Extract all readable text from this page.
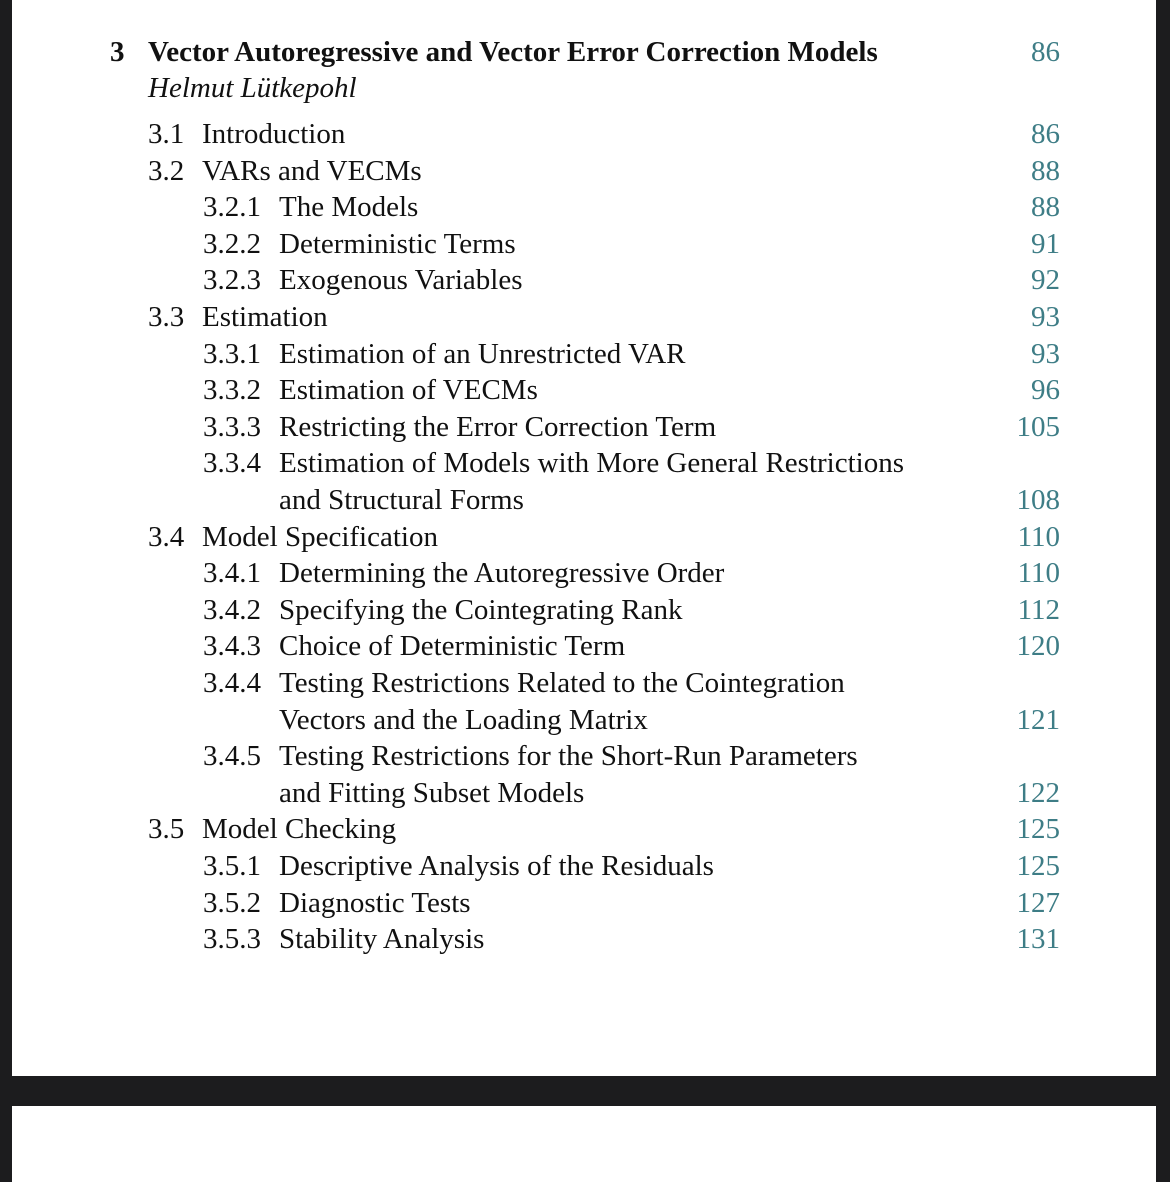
3 Vector Autoregressive and Vector Error Correction Models	86
Helmut Lütkepohl
3.1 Introduction	86
3.2 VARs and VECMs	88
3.2.1 The Models	88
3.2.2 Deterministic Terms	91
3.2.3 Exogenous Variables	92
3.3 Estimation	93
3.3.1 Estimation of an Unrestricted VAR	93
3.3.2 Estimation of VECMs	96
3.3.3 Restricting the Error Correction Term	105
3.3.4 Estimation of Models with More General Restrictions
and Structural Forms	108
3.4 Model Specification	110
3.4.1 Determining the Autoregressive Order	110
3.4.2 Specifying the Cointegrating Rank	112
3.4.3 Choice of Deterministic Term	120
3.4.4 Testing Restrictions Related to the Cointegration
Vectors and the Loading Matrix	121
3.4.5 Testing Restrictions for the Short-Run Parameters
and Fitting Subset Models	122
3.5 Model Checking	125
3.5.1 Descriptive Analysis of the Residuals	125
3.5.2 Diagnostic Tests	127
3.5.3 Stability Analysis	131
